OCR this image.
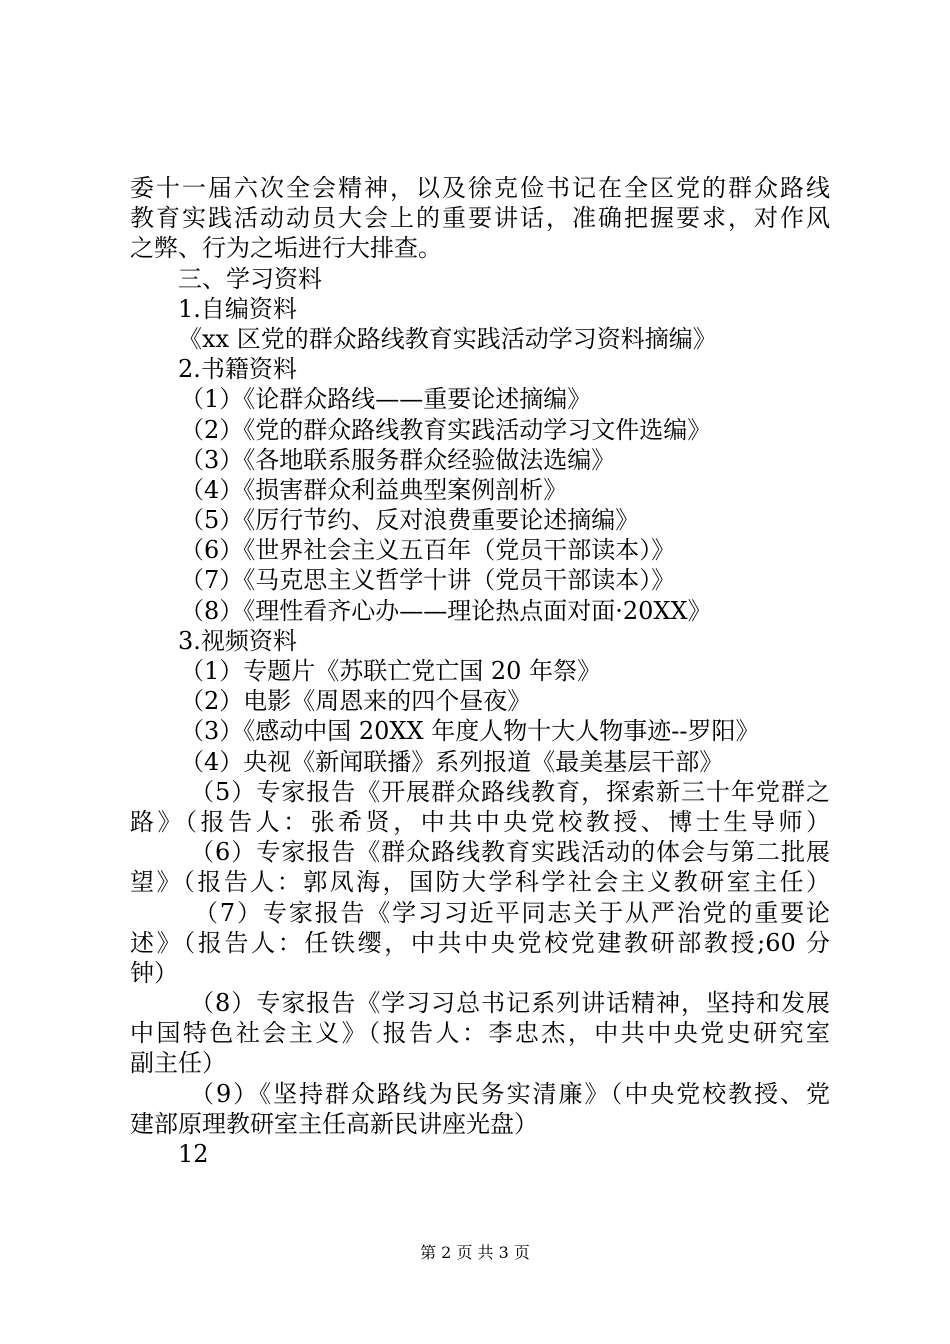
委十一届六次全会精神，以及徐克俭书记在全区党的群众路线
教育实践活动动员大会上的重要讲话，准确把握要求，对作风
之弊、行为之垢进行大排查。
三、学习资料
1.自编资料
《xx 区党的群众路线教育实践活动学习资料摘编》
2.书籍资料
（1）《论群众路线——重要论述摘编》
（2）《党的群众路线教育实践活动学习文件选编》
（3）《各地联系服务群众经验做法选编》
（4）《损害群众利益典型案例剖析》
（5）《厉行节约、反对浪费重要论述摘编》
（6）《世界社会主义五百年（党员干部读本）》
（7）《马克思主义哲学十讲（党员干部读本）》
（8）《理性看齐心办——理论热点面对面·20XX》
3.视频资料
（1）专题片《苏联亡党亡国 20 年祭》
（2）电影《周恩来的四个昼夜》
（3）《感动中国 20XX 年度人物十大人物事迹--罗阳》
（4）央视《新闻联播》系列报道《最美基层干部》
（5）专家报告《开展群众路线教育，探索新三十年党群之
路》（报告人：张希贤，中共中央党校教授、博士生导师）
（6）专家报告《群众路线教育实践活动的体会与第二批展
望》（报告人：郭凤海，国防大学科学社会主义教研室主任）
（7）专家报告《学习习近平同志关于从严治党的重要论
述》（报告人：任铁缨，中共中央党校党建教研部教授;60 分
钟）
（8）专家报告《学习习总书记系列讲话精神，坚持和发展
中国特色社会主义》（报告人：李忠杰，中共中央党史研究室
副主任）
（9）《坚持群众路线为民务实清廉》（中央党校教授、党
建部原理教研室主任高新民讲座光盘）
12
第 2 页 共 3 页
